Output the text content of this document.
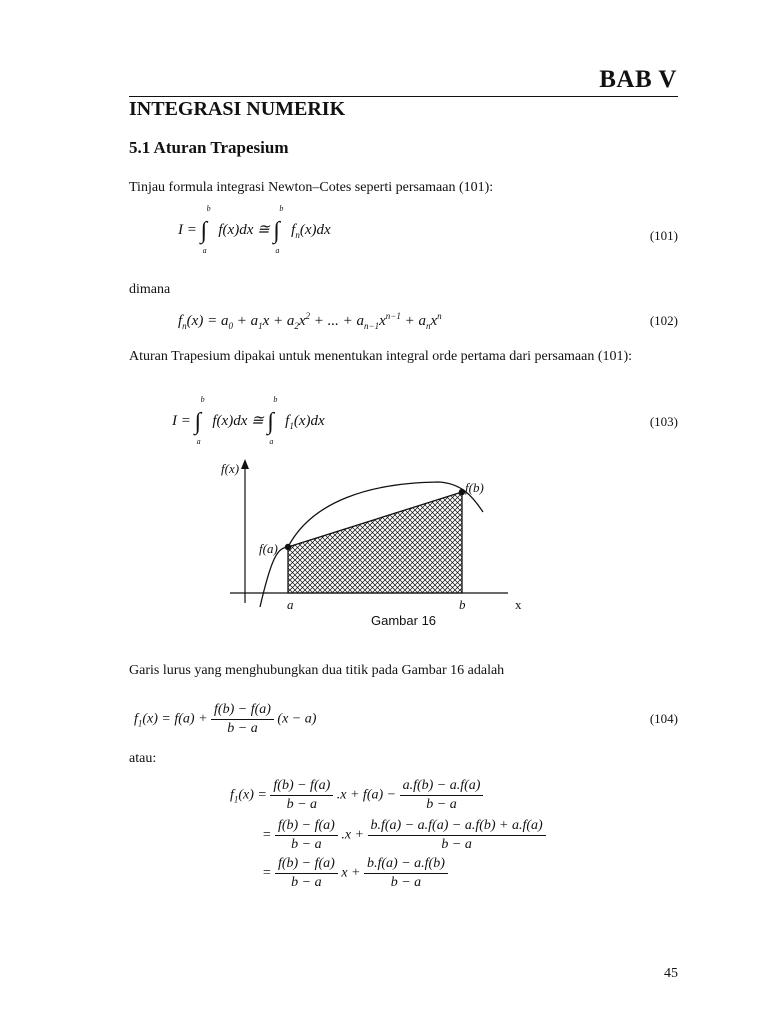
BAB V
INTEGRASI NUMERIK
5.1 Aturan Trapesium
Tinjau formula integrasi Newton–Cotes seperti persamaan (101):
I =
b
∫
a
f(x)dx ≅
b
∫
a
$f_n(x)dx$	(101)
dimana
$f_n(x) = a_0 + a_1x + a_2x^2$ + ... + $a_{n-1}x^{n-1} + a_nx^n$	(102)
Aturan Trapesium dipakai untuk menentukan integral orde pertama dari persamaan (101):
I =
b
∫
a
f(x)dx ≅
b
∫
a
$f_1(x)dx$	(103)
f(x)
f(b)
f(a)
a	b	x
Gambar 16
Garis lurus yang menghubungkan dua titik pada Gambar 16 adalah
$f_1(x) = f(a) + \frac{f(b) - f(a)}{b - a} (x - a)$	(104)
atau:
$f_1(x) = \frac{f(b) - f(a)}{b - a} .x + f(a) - \frac{a.f(b) - a.f(a)}{b - a}$
= $\frac{f(b) - f(a)}{b - a} .x + \frac{b.f(a) - a.f(a) - a.f(b) + a.f(a)}{b - a}$
= $\frac{f(b) - f(a)}{b - a}$ $x + \frac{b.f(a) - a.f(b)}{b - a}$
45
